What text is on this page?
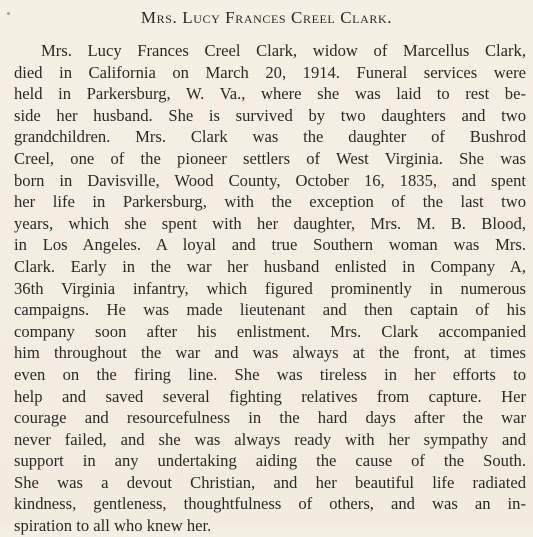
Mrs. Lucy Frances Creel Clark.
Mrs. Lucy Frances Creel Clark, widow of Marcellus Clark,
died in California on March 20, 1914. Funeral services were
held in Parkersburg, W. Va., where she was laid to rest be-
side her husband. She is survived by two daughters and two
grandchildren. Mrs. Clark was the daughter of Bushrod
Creel, one of the pioneer settlers of West Virginia. She was
born in Davisville, Wood County, October 16, 1835, and spent
her life in Parkersburg, with the exception of the last two
years, which she spent with her daughter, Mrs. M. B. Blood,
in Los Angeles. A loyal and true Southern woman was Mrs.
Clark. Early in the war her husband enlisted in Company A,
36th Virginia infantry, which figured prominently in numerous
campaigns. He was made lieutenant and then captain of his
company soon after his enlistment. Mrs. Clark accompanied
him throughout the war and was always at the front, at times
even on the firing line. She was tireless in her efforts to
help and saved several fighting relatives from capture. Her
courage and resourcefulness in the hard days after the war
never failed, and she was always ready with her sympathy and
support in any undertaking aiding the cause of the South.
She was a devout Christian, and her beautiful life radiated
kindness, gentleness, thoughtfulness of others, and was an in-
spiration to all who knew her.
